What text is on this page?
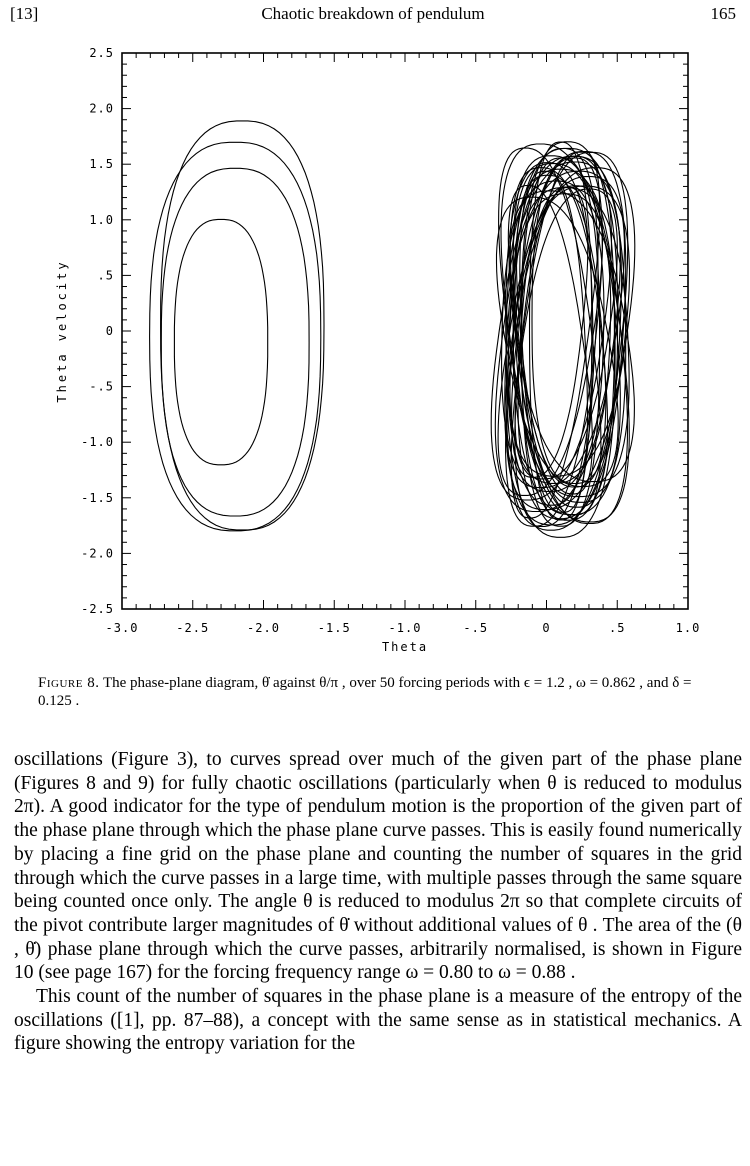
[13]	Chaotic breakdown of pendulum	165
-3.0	-2.5	-2.0	-1.5	-1.0	-.5	0	.5	1.0
2.5
2.0
1.5
1.0
.5
0
-.5
-1.0
-1.5
-2.0
-2.5
Theta
Theta velocity
Figure 8. The phase-plane diagram, θ̇ against θ/π , over 50 forcing periods with ϵ = 1.2 , ω = 0.862 , and δ = 0.125 .

oscillations (Figure 3), to curves spread over much of the given part of the phase plane (Figures 8 and 9) for fully chaotic oscillations (particularly when θ is reduced to modulus 2π). A good indicator for the type of pendulum motion is the proportion of the given part of the phase plane through which the phase plane curve passes. This is easily found numerically by placing a fine grid on the phase plane and counting the number of squares in the grid through which the curve passes in a large time, with multiple passes through the same square being counted once only. The angle θ is reduced to modulus 2π so that complete circuits of the pivot contribute larger magnitudes of θ̇ without additional values of θ . The area of the (θ , θ̇) phase plane through which the curve passes, arbitrarily normalised, is shown in Figure 10 (see page 167) for the forcing frequency range ω = 0.80 to ω = 0.88 .

This count of the number of squares in the phase plane is a measure of the entropy of the oscillations ([1], pp. 87–88), a concept with the same sense as in statistical mechanics. A figure showing the entropy variation for the
